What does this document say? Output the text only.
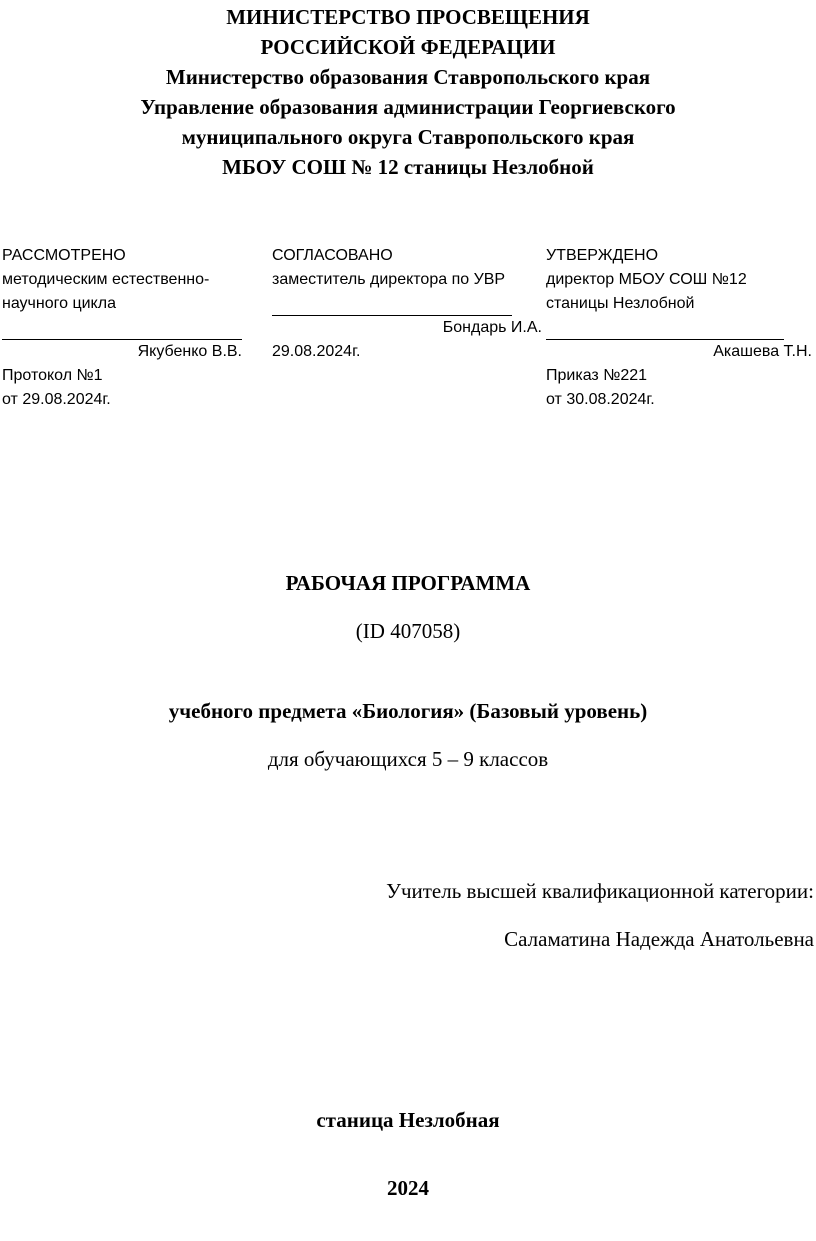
МИНИСТЕРСТВО ПРОСВЕЩЕНИЯ
РОССИЙСКОЙ ФЕДЕРАЦИИ
Министерство образования Ставропольского края
Управление образования администрации Георгиевского
муниципального округа Ставропольского края
МБОУ СОШ № 12 станицы Незлобной
РАССМОТРЕНО
методическим естественно-
научного цикла
Якубенко В.В.
Протокол №1
от 29.08.2024г.
СОГЛАСОВАНО
заместитель директора по УВР
Бондарь И.А.
29.08.2024г.
УТВЕРЖДЕНО
директор МБОУ СОШ №12
станицы Незлобной
Акашева Т.Н.
Приказ №221
от 30.08.2024г.
РАБОЧАЯ ПРОГРАММА
(ID 407058)
учебного предмета «Биология» (Базовый уровень)
для обучающихся 5 – 9 классов
Учитель высшей квалификационной категории:
Саламатина Надежда Анатольевна
станица Незлобная
2024
